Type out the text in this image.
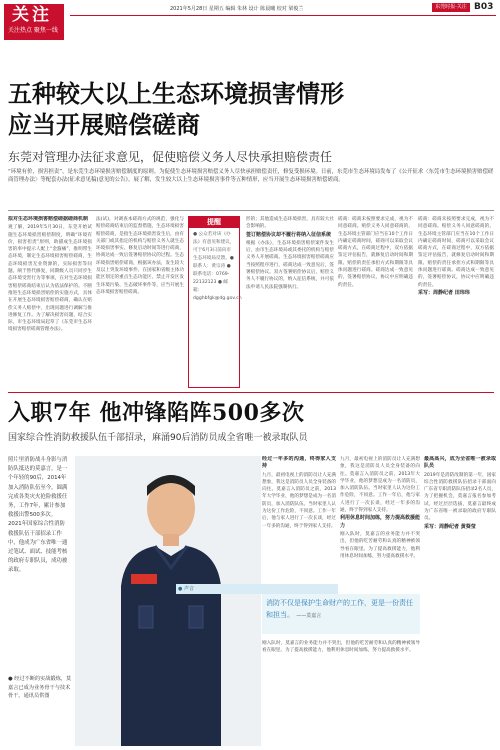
关注
关注热点 聚焦一线
2021年5月28日 星期五 编辑 朱林 设计 陈晨曦 校对 梁俊兰	东莞时报·关注 B03
五种较大以上生态环境损害情形
应当开展赔偿磋商
东莞对管理办法征求意见，促使赔偿义务人尽快承担赔偿责任
“环境有价，损害担责”，是东莞生态环境损害赔偿制度的原则。为促使生态环境损害赔偿义务人尽快承担赔偿责任，修复受损环境。日前，东莞市生态环境局发布了《公开征求〈东莞市生态环境损害赔偿磋商管理办法〉等配套办法(征求意见稿)意见的公告》，展了解，发生较大以上生态环境损害事件等五种情形，应当开展生态环境损害赔偿磋商。

拟对生态环境损害赔偿磋据磋商机制

观了解，2019年5月30日，东莞开始试施生态环境损害赔偿制度，明确“环境有价，损害担责”原则，助描成生态环境损害的率中提示人配上“金箍痛”，推明带生态环境，制定生态环境损害赔偿磋商，生态环境损害无业资源的，实际损害等问题。阐于替代修复，同期级人员只同步生态环境受害行为等事项，在对生态环境损害赔偿磋商结束后认为依法保护的。不断推进生态环境损害赔偿的实施方式，具体在开展生态环境损害赔偿磋商，确认在赔偿义务人赔偿中，出现问题进行调解与推进修复工作。为了解决损害问题，结合实际，市生态环境局起草了《东莞市生态环境损害赔偿磋商管理办法》。

法(试)，对调查本磋商方式的规范，强化与赔偿磋商结束后的监督措施，生态环境损害赔偿磋商，是指生态环境损害发生后，由有关部门或其指定的机构与赔偿义务人就生态环境损害事实、修复启动时间等进行磋商，协商达成一致后签署赔偿协议的过程。生态环境损害赔偿磋商，根据该办法，发生较大及以上突发环境事件、在国家和省级主体功能区划定的重点生态功能区、禁止开发区发生环境污染、生态破坏事件等，应当开展生态环境损害赔偿磋商。

提醒
● 公众若对该《办法》有意见和建议，可于6月3日前向市生态环境局反馈。● 联系人：黄宗涛 ● 联系电话：0769-22132123 ● 邮箱：dgghbfgk@dg.gov.cn

形的；其他造成生态环境损害，具有较大社会影响的。

签订赔偿协议却不履行将纳入征信系统

根据《办法》，生态环境损害赔偿案件发生后，由市生态环境局或其委托的机构与赔偿义务人开展磋商。生态环境损害赔偿磋商应当按照程序进行，磋商达成一致意见后，签署赔偿协议。双方签署赔偿协议后，赔偿义务人不履行协议的，纳入征信系统，并可依法申请人民法院强制执行。

磋商：磋商未按照要求完成，视为不同意磋商。赔偿义务人同意磋商的，生态环境主管部门应当在10个工作日内确定磋商时间，磋商可以采取会议磋商方式，在磋商过程中，双方依据鉴定评估报告，就修复启动时间和期限、赔偿的责任承担方式和期限等具体问题进行磋商。磋商达成一致意见的，签署赔偿协议，协议中应明确违约责任。

磋商：磋商未按照要求完成，视为不同意磋商。赔偿义务人同意磋商的，生态环境主管部门应当在10个工作日内确定磋商时间，磋商可以采取会议磋商方式，在磋商过程中，双方依据鉴定评估报告，就修复启动时间和期限、赔偿的责任承担方式和期限等具体问题进行磋商。磋商达成一致意见的，签署赔偿协议，协议中应明确违约责任。

采写：周静纪者 田玮玮

入职7年 他冲锋陷阵500多次
国家综合性消防救援队伍千部招录，麻涌90后消防员成全省唯一被录取队员
照片里消防战斗身影与消防队抵达的莫嘉言，是一个年轻的90后，2014年加入消防队伍至今，圆满完成各类灾火抢险救援任务，工作7年，累计参加救援出警500多次。2021年国家综合性消防救援队伍干部招录工作中，他成为广东省唯一通过笔试、面试、技能考核的政府专职队员，成功被录取。
● 经过不断的实战锻炼，莫嘉言已成为业务骨干与技术骨干。通讯员供图

经过一年多的沟通，终得家人支持

九月，最初电视上的消防员让人充满想象，我这是消防员人员全身装备的向往。莫嘉言入消防员之前，2013年大学毕业，他的梦想是成为一名消防员，加入消防队伍。当时家里人认为这份工作危险，不同意。工作一年后，他与家人进行了一次长谈，经过一年多的沟通，终于得到家人支持。

九月，最初电视上的消防员让人充满想象，我这是消防员人员全身装备的向往。莫嘉言入消防员之前，2013年大学毕业，他的梦想是成为一名消防员，加入消防队伍。当时家里人认为这份工作危险，不同意。工作一年后，他与家人进行了一次长谈，经过一年多的沟通，终于得到家人支持。

利用休息时间加练，努力提高救援能力

刚入队时，莫嘉言的业务能力并不突出，但他的吃苦耐劳和认真的精神被领导看在眼里。为了提高救援能力，他利用休息时间加练，努力提高救援水平。

● 声音
消防不仅是保护生命财产的工作，更是一份责任和担当。 ——莫嘉言

刚入队时，莫嘉言的业务能力并不突出，但他的吃苦耐劳和认真的精神被领导看在眼里。为了提高救援能力，他利用休息时间加练，努力提高救援水平。

最高高兴，成为全省唯一被录取队员

2019年是消防改制的第一年，国家综合性消防救援队伍招录干部面向广东省专职消防队伍招录2名人员，为了把握机会，莫嘉言报名参加考试，经过层层选拔，莫嘉言最终成为广东省唯一被录取的政府专职队员。

采写：周静纪者 黄葵莹
